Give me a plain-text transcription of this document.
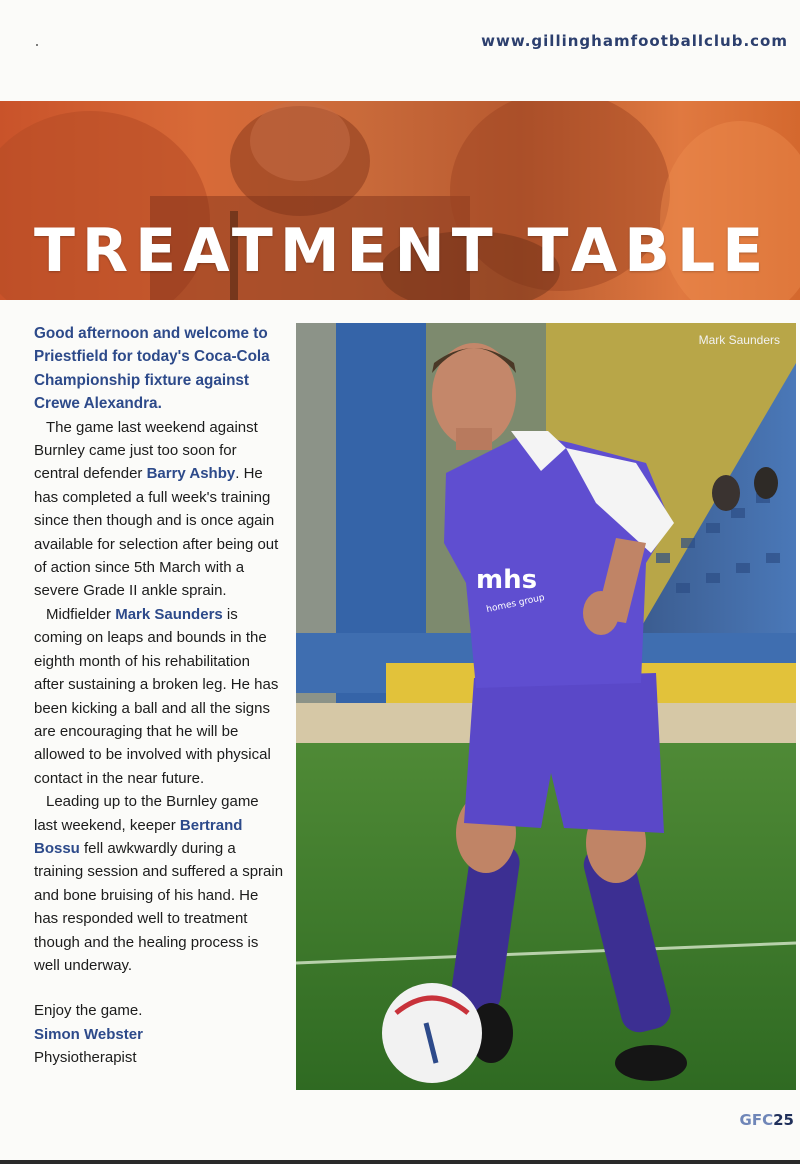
www.gillinghamfootballclub.com
TREATMENT TABLE

Good afternoon and welcome to Priestfield for today's Coca-Cola Championship fixture against Crewe Alexandra.

The game last weekend against Burnley came just too soon for central defender Barry Ashby. He has completed a full week's training since then though and is once again available for selection after being out of action since 5th March with a severe Grade II ankle sprain.

Midfielder Mark Saunders is coming on leaps and bounds in the eighth month of his rehabilitation after sustaining a broken leg. He has been kicking a ball and all the signs are encouraging that he will be allowed to be involved with physical contact in the near future.

Leading up to the Burnley game last weekend, keeper Bertrand Bossu fell awkwardly during a training session and suffered a sprain and bone bruising of his hand. He has responded well to treatment though and the healing process is well underway.

Enjoy the game.
Simon Webster
Physiotherapist
mhs
homes group
Mark Saunders
GFC25
